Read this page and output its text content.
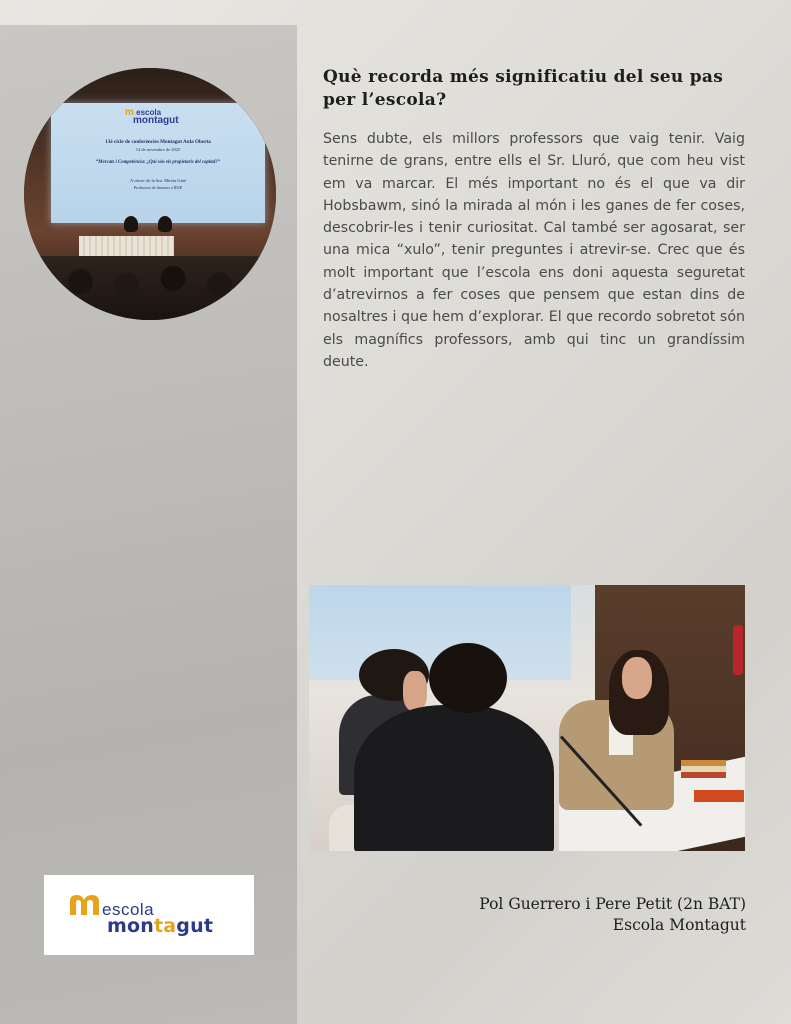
m escola
montagut
13è cicle de conferències Montagut Aula Oberta
14 de novembre de 2025
“Mercats i Competència: ¿Qui són els propietaris del capital?”
A càrrec de la Sra. Mireia Giné
Professora de finances a IESE
Què recorda més significatiu del seu pas per l’escola?

Sens dubte, els millors professors que vaig tenir. Vaig tenirne de grans, entre ells el Sr. Lluró, que com heu vist em va marcar. El més important no és el que va dir Hobsbawm, sinó la mirada al món i les ganes de fer coses, descobrir-les i tenir curiositat. Cal també ser agosarat, ser una mica “xulo”, tenir preguntes i atrevir-se. Crec que és molt important que l’escola ens doni aquesta seguretat d’atrevirnos a fer coses que pensem que estan dins de nosaltres i que hem d’explorar. El que recordo sobretot són els magnífics professors, amb qui tinc un grandíssim deute.

escola
montagut
Pol Guerrero i Pere Petit (2n BAT)
Escola Montagut
